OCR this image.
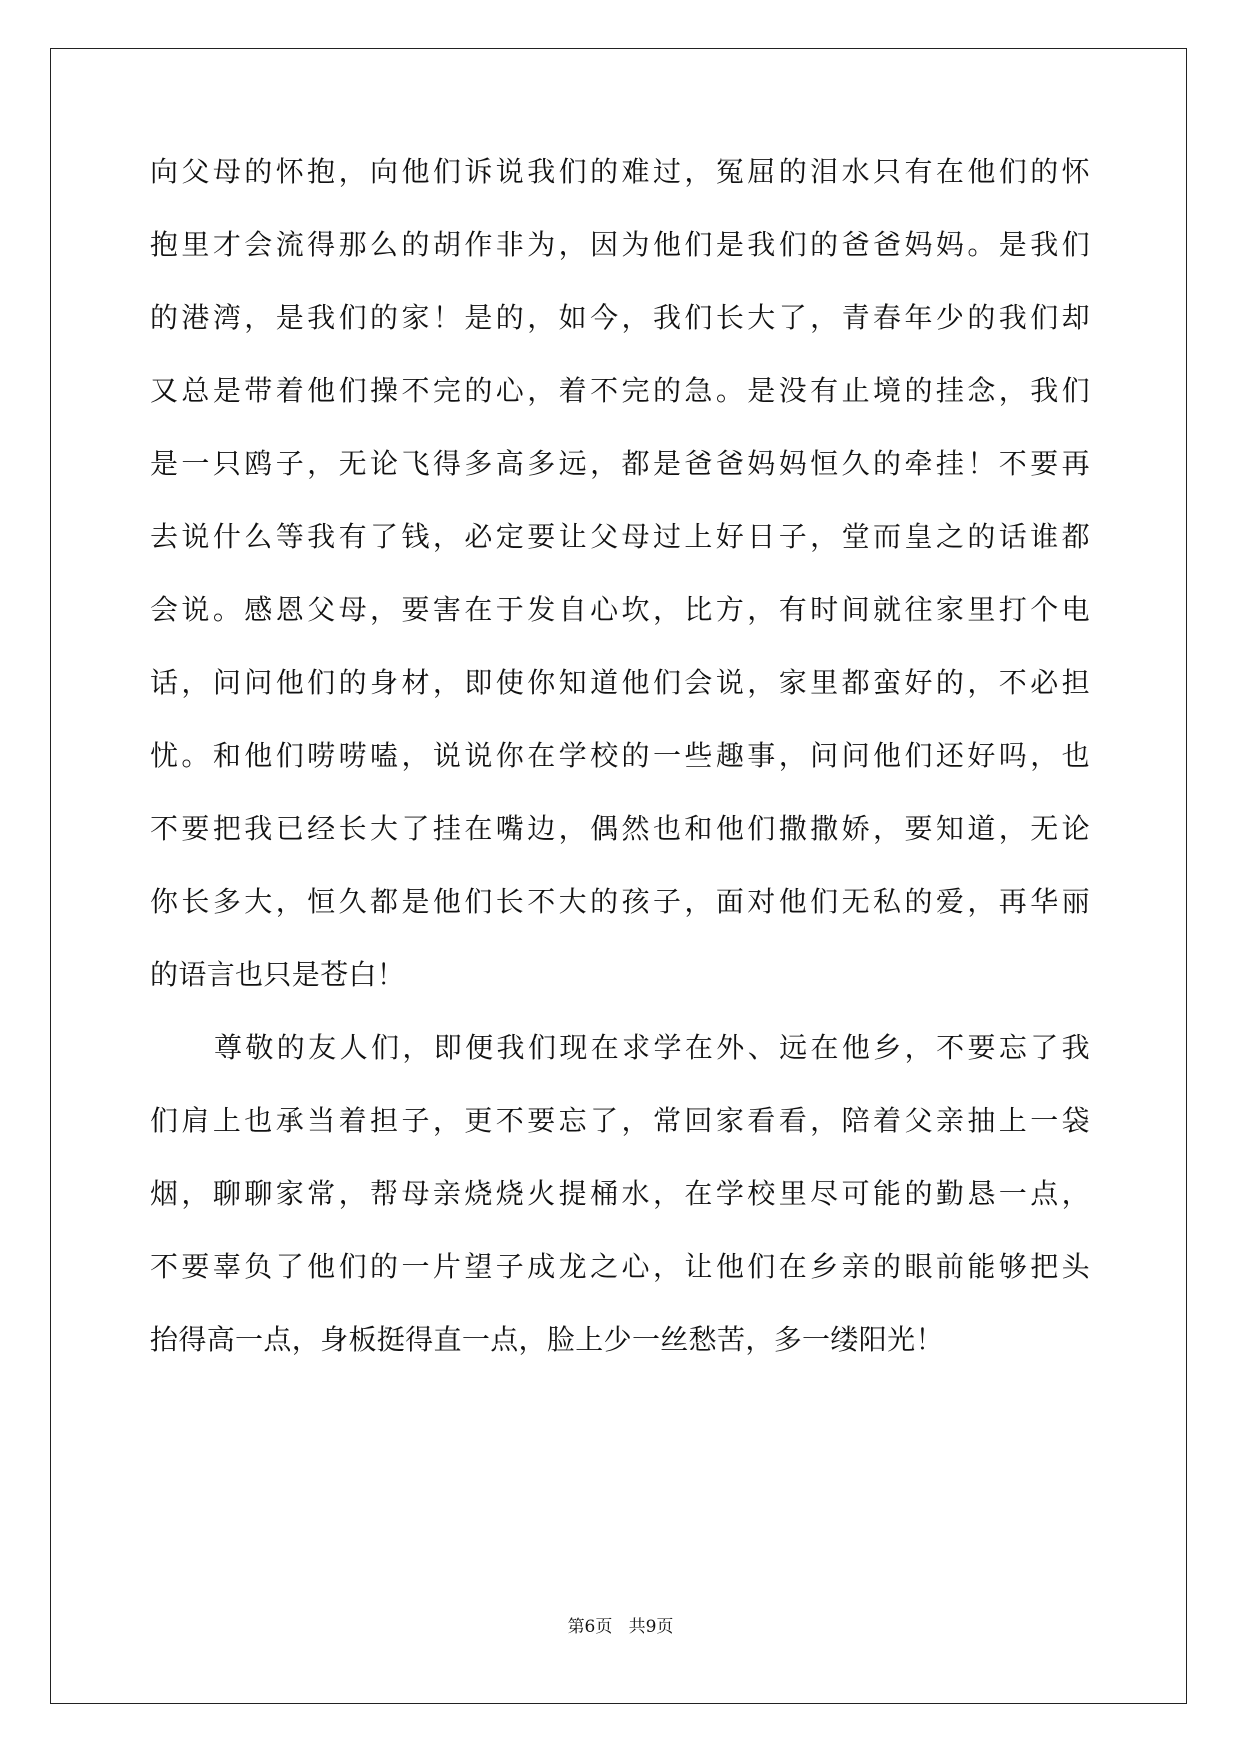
向父母的怀抱，向他们诉说我们的难过，冤屈的泪水只有在他们的怀
抱里才会流得那么的胡作非为，因为他们是我们的爸爸妈妈。是我们
的港湾，是我们的家！是的，如今，我们长大了，青春年少的我们却
又总是带着他们操不完的心，着不完的急。是没有止境的挂念，我们
是一只鸥子，无论飞得多高多远，都是爸爸妈妈恒久的牵挂！不要再
去说什么等我有了钱，必定要让父母过上好日子，堂而皇之的话谁都
会说。感恩父母，要害在于发自心坎，比方，有时间就往家里打个电
话，问问他们的身材，即使你知道他们会说，家里都蛮好的，不必担
忧。和他们唠唠嗑，说说你在学校的一些趣事，问问他们还好吗，也
不要把我已经长大了挂在嘴边，偶然也和他们撒撒娇，要知道，无论
你长多大，恒久都是他们长不大的孩子，面对他们无私的爱，再华丽
的语言也只是苍白！
尊敬的友人们，即便我们现在求学在外、远在他乡，不要忘了我
们肩上也承当着担子，更不要忘了，常回家看看，陪着父亲抽上一袋
烟，聊聊家常，帮母亲烧烧火提桶水，在学校里尽可能的勤恳一点，
不要辜负了他们的一片望子成龙之心，让他们在乡亲的眼前能够把头
抬得高一点，身板挺得直一点，脸上少一丝愁苦，多一缕阳光！
第6页 共9页
